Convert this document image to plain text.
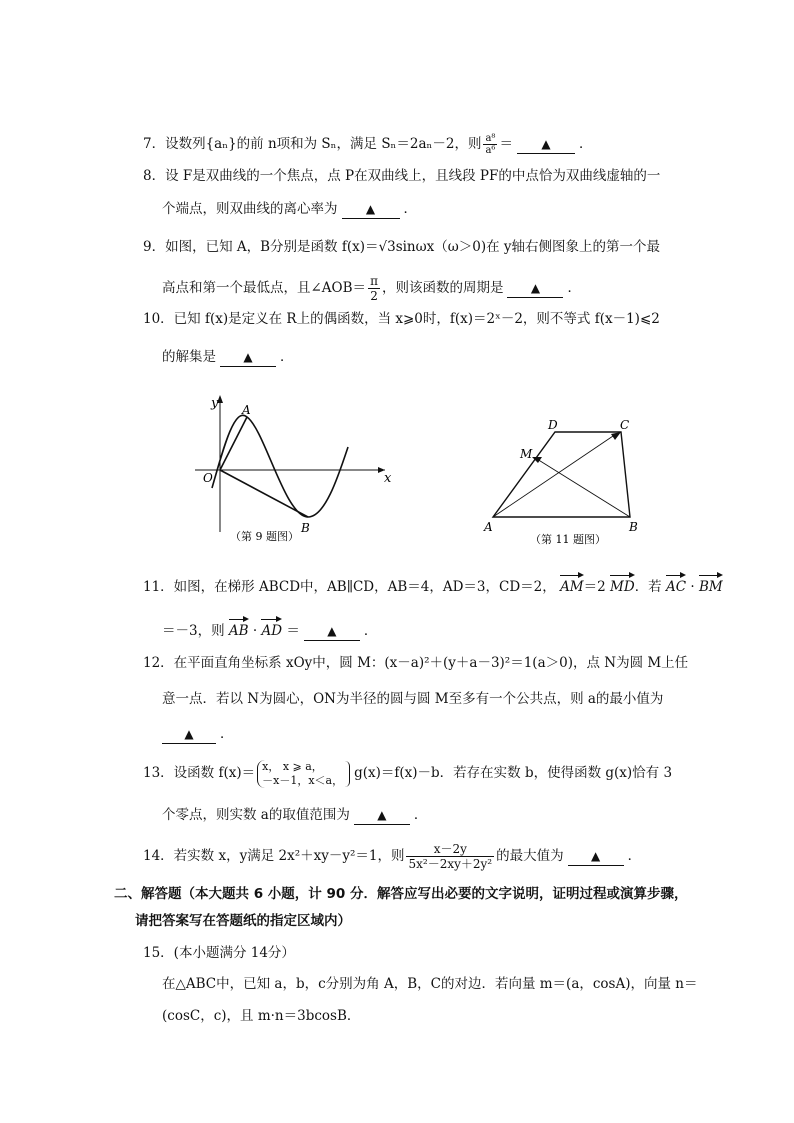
7．设数列{aₙ}的前 n项和为 Sₙ，满足 Sₙ＝2aₙ－2，则 $\frac{\text{a⁸}}{\text{a⁶}}$ ＝ ▲ ．
8．设 F是双曲线的一个焦点，点 P在双曲线上，且线段 PF的中点恰为双曲线虚轴的一
个端点，则双曲线的离心率为 ▲ ．
9．如图，已知 A，B分别是函数 f(x)＝√3sinωx（ω＞0)在 y轴右侧图象上的第一个最
高点和第一个最低点，且∠AOB＝ $\frac{\pi}{2}$ ，则该函数的周期是 ▲ ．
10．已知 f(x)是定义在 R上的偶函数，当 x⩾0时，f(x)＝2ˣ－2，则不等式 f(x－1)⩽2
的解集是 ▲ ．
y
x
O
A
B
（第 9 题图）
D	C
M
A	B
（第 11 题图）
11．如图，在梯形 ABCD中，AB∥CD，AB＝4，AD＝3，CD＝2， AM＝2 MD．若 AC · BM
＝－3，则 AB · AD ＝ ▲ ．
12．在平面直角坐标系 xOy中，圆 M：(x－a)²＋(y＋a－3)²＝1(a＞0)，点 N为圆 M上任
意一点．若以 N为圆心，ON为半径的圆与圆 M至多有一个公共点，则 a的最小值为
▲ ．
13．设函数 f(x)＝ x， x ⩾ a，
－x－1，x＜a， g(x)＝f(x)－b．若存在实数 b，使得函数 g(x)恰有 3
个零点，则实数 a的取值范围为 ▲ ．
14．若实数 x，y满足 2x²＋xy－y²＝1，则 $\frac{x-2y}{\text{5x²－2xy＋2y²}}$ 的最大值为 ▲ ．
二、解答题（本大题共 6 小题，计 90 分．解答应写出必要的文字说明，证明过程或演算步骤，
请把答案写在答题纸的指定区域内）
15．(本小题满分 14分）
在△ABC中，已知 a，b，c分别为角 A，B，C的对边．若向量 m＝(a，cosA)，向量 n＝
(cosC，c)，且 m·n＝3bcosB．
